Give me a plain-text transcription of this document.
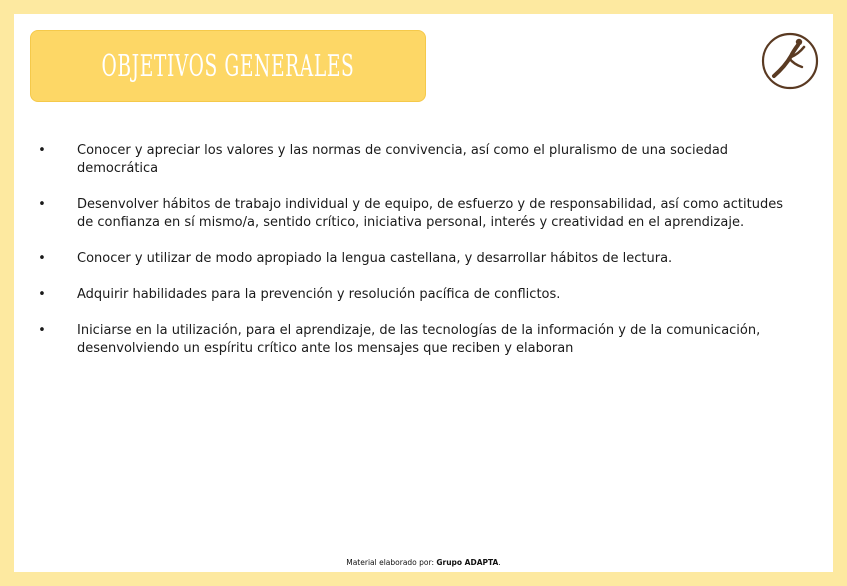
OBJETIVOS GENERALES
• Conocer y apreciar los valores y las normas de convivencia, así como el pluralismo de una sociedad democrática
• Desenvolver hábitos de trabajo individual y de equipo, de esfuerzo y de responsabilidad, así como actitudes de confianza en sí mismo/a, sentido crítico, iniciativa personal, interés y creatividad en el aprendizaje.
• Conocer y utilizar de modo apropiado la lengua castellana, y desarrollar hábitos de lectura.
• Adquirir habilidades para la prevención y resolución pacífica de conflictos.
• Iniciarse en la utilización, para el aprendizaje, de las tecnologías de la información y de la comunicación, desenvolviendo un espíritu crítico ante los mensajes que reciben y elaboran
Material elaborado por: Grupo ADAPTA.
